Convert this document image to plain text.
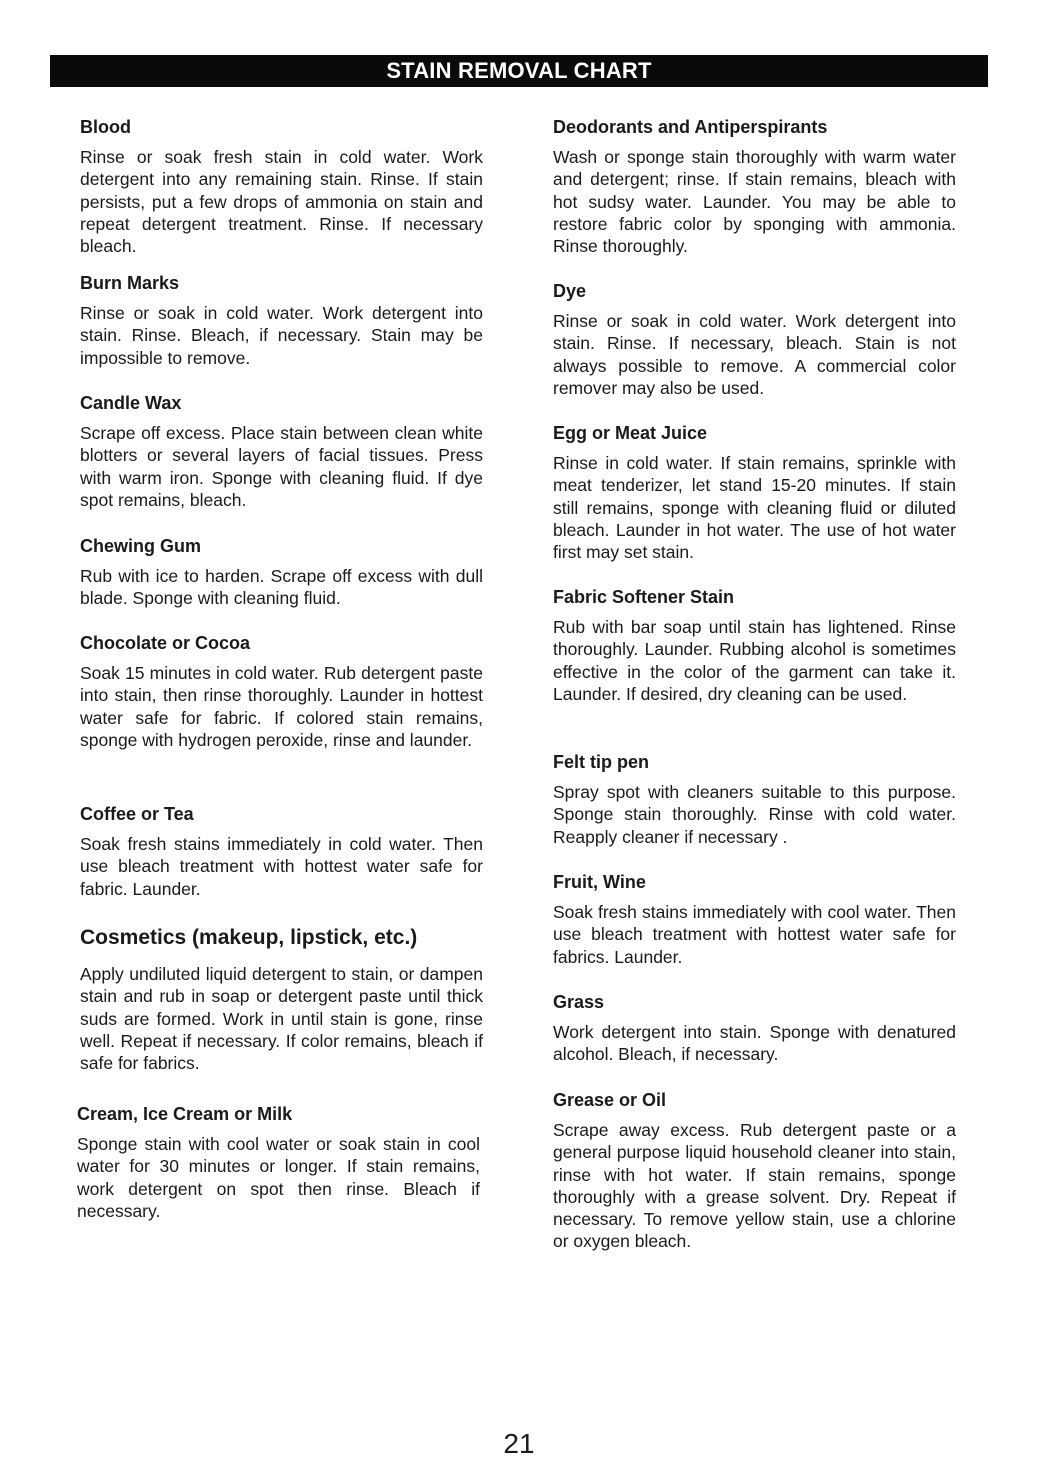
STAIN REMOVAL CHART
Blood

Rinse or soak fresh stain in cold water. Work detergent into any remaining stain. Rinse. If stain persists, put a few drops of ammonia on stain and repeat detergent treatment. Rinse. If necessary bleach.

Burn Marks

Rinse or soak in cold water. Work detergent into stain. Rinse. Bleach, if necessary. Stain may be impossible to remove.

Candle Wax

Scrape off excess. Place stain between clean white blotters or several layers of facial tissues. Press with warm iron. Sponge with cleaning fluid. If dye spot remains, bleach.

Chewing Gum

Rub with ice to harden. Scrape off excess with dull blade. Sponge with cleaning fluid.

Chocolate or Cocoa

Soak 15 minutes in cold water. Rub detergent paste into stain, then rinse thoroughly. Launder in hottest water safe for fabric. If colored stain remains, sponge with hydrogen peroxide, rinse and launder.

Coffee or Tea

Soak fresh stains immediately in cold water. Then use bleach treatment with hottest water safe for fabric. Launder.

Cosmetics (makeup, lipstick, etc.)

Apply undiluted liquid detergent to stain, or dampen stain and rub in soap or detergent paste until thick suds are formed. Work in until stain is gone, rinse well. Repeat if necessary. If color remains, bleach if safe for fabrics.

Cream, Ice Cream or Milk

Sponge stain with cool water or soak stain in cool water for 30 minutes or longer. If stain remains, work detergent on spot then rinse. Bleach if necessary.

Deodorants and Antiperspirants

Wash or sponge stain thoroughly with warm water and detergent; rinse. If stain remains, bleach with hot sudsy water. Launder. You may be able to restore fabric color by sponging with ammonia. Rinse thoroughly.

Dye

Rinse or soak in cold water. Work detergent into stain. Rinse. If necessary, bleach. Stain is not always possible to remove. A commercial color remover may also be used.

Egg or Meat Juice

Rinse in cold water. If stain remains, sprinkle with meat tenderizer, let stand 15-20 minutes. If stain still remains, sponge with cleaning fluid or diluted bleach. Launder in hot water. The use of hot water first may set stain.

Fabric Softener Stain

Rub with bar soap until stain has lightened. Rinse thoroughly. Launder. Rubbing alcohol is sometimes effective in the color of the garment can take it. Launder. If desired, dry cleaning can be used.

Felt tip pen

Spray spot with cleaners suitable to this purpose. Sponge stain thoroughly. Rinse with cold water. Reapply cleaner if necessary .

Fruit, Wine

Soak fresh stains immediately with cool water. Then use bleach treatment with hottest water safe for fabrics. Launder.

Grass

Work detergent into stain. Sponge with denatured alcohol. Bleach, if necessary.

Grease or Oil

Scrape away excess. Rub detergent paste or a general purpose liquid household cleaner into stain, rinse with hot water. If stain remains, sponge thoroughly with a grease solvent. Dry. Repeat if necessary. To remove yellow stain, use a chlorine or oxygen bleach.

21
